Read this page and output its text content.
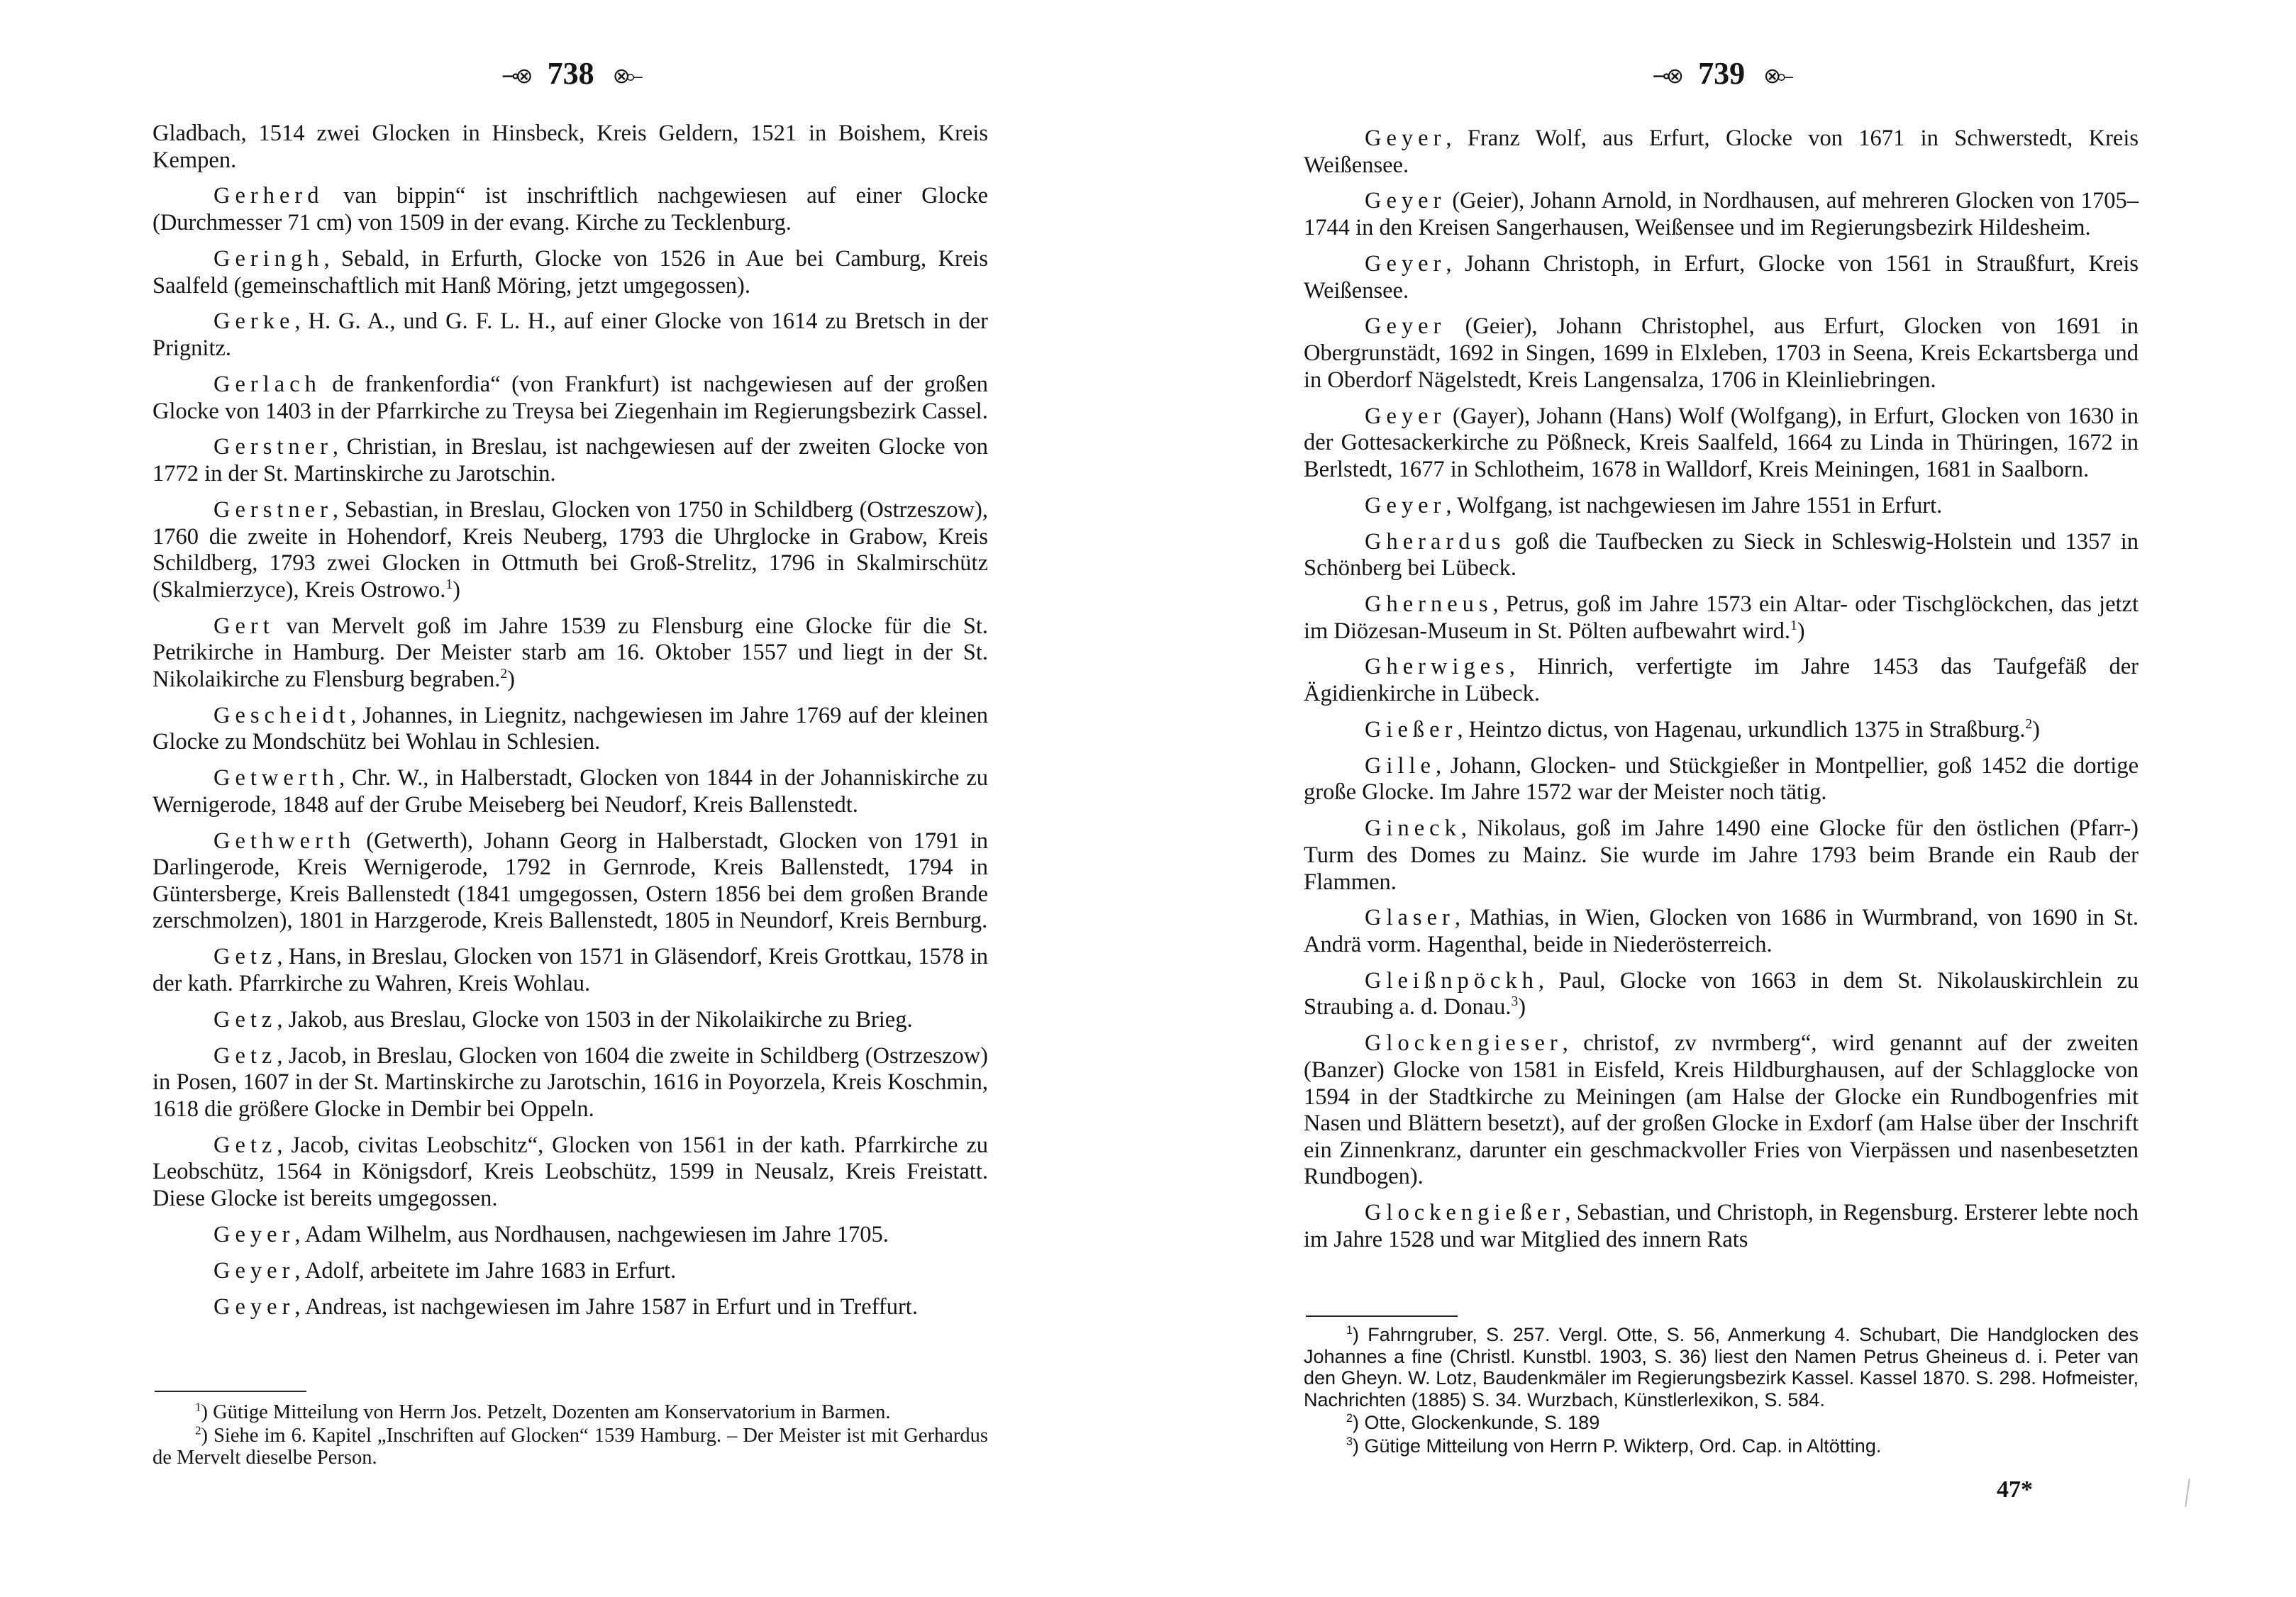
⊸⊗ 738 ⊗⟜

Gladbach, 1514 zwei Glocken in Hinsbeck, Kreis Geldern, 1521 in Boishem, Kreis Kempen.

Gerherd van bippin“ ist inschriftlich nachgewiesen auf einer Glocke (Durchmesser 71 cm) von 1509 in der evang. Kirche zu Tecklenburg.

Geringh, Sebald, in Erfurth, Glocke von 1526 in Aue bei Camburg, Kreis Saalfeld (gemeinschaftlich mit Hanß Möring, jetzt umgegossen).

Gerke, H. G. A., und G. F. L. H., auf einer Glocke von 1614 zu Bretsch in der Prignitz.

Gerlach de frankenfordia“ (von Frankfurt) ist nachgewiesen auf der großen Glocke von 1403 in der Pfarrkirche zu Treysa bei Ziegenhain im Regierungsbezirk Cassel.

Gerstner, Christian, in Breslau, ist nachgewiesen auf der zweiten Glocke von 1772 in der St. Martinskirche zu Jarotschin.

Gerstner, Sebastian, in Breslau, Glocken von 1750 in Schildberg (Ostrzeszow), 1760 die zweite in Hohendorf, Kreis Neuberg, 1793 die Uhrglocke in Grabow, Kreis Schildberg, 1793 zwei Glocken in Ottmuth bei Groß-Strelitz, 1796 in Skalmirschütz (Skalmierzyce), Kreis Ostrowo.$^1$)

Gert van Mervelt goß im Jahre 1539 zu Flensburg eine Glocke für die St. Petrikirche in Hamburg. Der Meister starb am 16. Oktober 1557 und liegt in der St. Nikolaikirche zu Flensburg begraben.$^2$)

Gescheidt, Johannes, in Liegnitz, nachgewiesen im Jahre 1769 auf der kleinen Glocke zu Mondschütz bei Wohlau in Schlesien.

Getwerth, Chr. W., in Halberstadt, Glocken von 1844 in der Johanniskirche zu Wernigerode, 1848 auf der Grube Meiseberg bei Neudorf, Kreis Ballenstedt.

Gethwerth (Getwerth), Johann Georg in Halberstadt, Glocken von 1791 in Darlingerode, Kreis Wernigerode, 1792 in Gernrode, Kreis Ballenstedt, 1794 in Güntersberge, Kreis Ballenstedt (1841 umgegossen, Ostern 1856 bei dem großen Brande zerschmolzen), 1801 in Harzgerode, Kreis Ballenstedt, 1805 in Neundorf, Kreis Bernburg.

Getz, Hans, in Breslau, Glocken von 1571 in Gläsendorf, Kreis Grottkau, 1578 in der kath. Pfarrkirche zu Wahren, Kreis Wohlau.

Getz, Jakob, aus Breslau, Glocke von 1503 in der Nikolaikirche zu Brieg.

Getz, Jacob, in Breslau, Glocken von 1604 die zweite in Schildberg (Ostrzeszow) in Posen, 1607 in der St. Martinskirche zu Jarotschin, 1616 in Poyorzela, Kreis Koschmin, 1618 die größere Glocke in Dembir bei Oppeln.

Getz, Jacob, civitas Leobschitz“, Glocken von 1561 in der kath. Pfarrkirche zu Leobschütz, 1564 in Königsdorf, Kreis Leobschütz, 1599 in Neusalz, Kreis Freistatt. Diese Glocke ist bereits umgegossen.

Geyer, Adam Wilhelm, aus Nordhausen, nachgewiesen im Jahre 1705.

Geyer, Adolf, arbeitete im Jahre 1683 in Erfurt.

Geyer, Andreas, ist nachgewiesen im Jahre 1587 in Erfurt und in Treffurt.

$^1$) Gütige Mitteilung von Herrn Jos. Petzelt, Dozenten am Konservatorium in Barmen.

$^2$) Siehe im 6. Kapitel „Inschriften auf Glocken“ 1539 Hamburg. – Der Meister ist mit Gerhardus de Mervelt dieselbe Person.

⊸⊗ 739 ⊗⟜

Geyer, Franz Wolf, aus Erfurt, Glocke von 1671 in Schwerstedt, Kreis Weißensee.

Geyer (Geier), Johann Arnold, in Nordhausen, auf mehreren Glocken von 1705–1744 in den Kreisen Sangerhausen, Weißensee und im Regierungsbezirk Hildesheim.

Geyer, Johann Christoph, in Erfurt, Glocke von 1561 in Straußfurt, Kreis Weißensee.

Geyer (Geier), Johann Christophel, aus Erfurt, Glocken von 1691 in Obergrunstädt, 1692 in Singen, 1699 in Elxleben, 1703 in Seena, Kreis Eckartsberga und in Oberdorf Nägelstedt, Kreis Langensalza, 1706 in Kleinliebringen.

Geyer (Gayer), Johann (Hans) Wolf (Wolfgang), in Erfurt, Glocken von 1630 in der Gottesackerkirche zu Pößneck, Kreis Saalfeld, 1664 zu Linda in Thüringen, 1672 in Berlstedt, 1677 in Schlotheim, 1678 in Walldorf, Kreis Meiningen, 1681 in Saalborn.

Geyer, Wolfgang, ist nachgewiesen im Jahre 1551 in Erfurt.

Gherardus goß die Taufbecken zu Sieck in Schleswig-Holstein und 1357 in Schönberg bei Lübeck.

Gherneus, Petrus, goß im Jahre 1573 ein Altar- oder Tischglöckchen, das jetzt im Diözesan-Museum in St. Pölten aufbewahrt wird.$^1$)

Gherwiges, Hinrich, verfertigte im Jahre 1453 das Taufgefäß der Ägidienkirche in Lübeck.

Gießer, Heintzo dictus, von Hagenau, urkundlich 1375 in Straßburg.$^2$)

Gille, Johann, Glocken- und Stückgießer in Montpellier, goß 1452 die dortige große Glocke. Im Jahre 1572 war der Meister noch tätig.

Gineck, Nikolaus, goß im Jahre 1490 eine Glocke für den östlichen (Pfarr-) Turm des Domes zu Mainz. Sie wurde im Jahre 1793 beim Brande ein Raub der Flammen.

Glaser, Mathias, in Wien, Glocken von 1686 in Wurmbrand, von 1690 in St. Andrä vorm. Hagenthal, beide in Niederösterreich.

Gleißnpöckh, Paul, Glocke von 1663 in dem St. Nikolauskirchlein zu Straubing a. d. Donau.$^3$)

Glockengieser, christof, zv nvrmberg“, wird genannt auf der zweiten (Banzer) Glocke von 1581 in Eisfeld, Kreis Hildburghausen, auf der Schlagglocke von 1594 in der Stadtkirche zu Meiningen (am Halse der Glocke ein Rundbogenfries mit Nasen und Blättern besetzt), auf der großen Glocke in Exdorf (am Halse über der Inschrift ein Zinnenkranz, darunter ein geschmackvoller Fries von Vierpässen und nasenbesetzten Rundbogen).

Glockengießer, Sebastian, und Christoph, in Regensburg. Ersterer lebte noch im Jahre 1528 und war Mitglied des innern Rats

$^1$) Fahrngruber, S. 257. Vergl. Otte, S. 56, Anmerkung 4. Schubart, Die Handglocken des Johannes a fine (Christl. Kunstbl. 1903, S. 36) liest den Namen Petrus Gheineus d. i. Peter van den Gheyn. W. Lotz, Baudenkmäler im Regierungsbezirk Kassel. Kassel 1870. S. 298. Hofmeister, Nachrichten (1885) S. 34. Wurzbach, Künstlerlexikon, S. 584.

$^2$) Otte, Glockenkunde, S. 189

$^3$) Gütige Mitteilung von Herrn P. Wikterp, Ord. Cap. in Altötting.

47*
